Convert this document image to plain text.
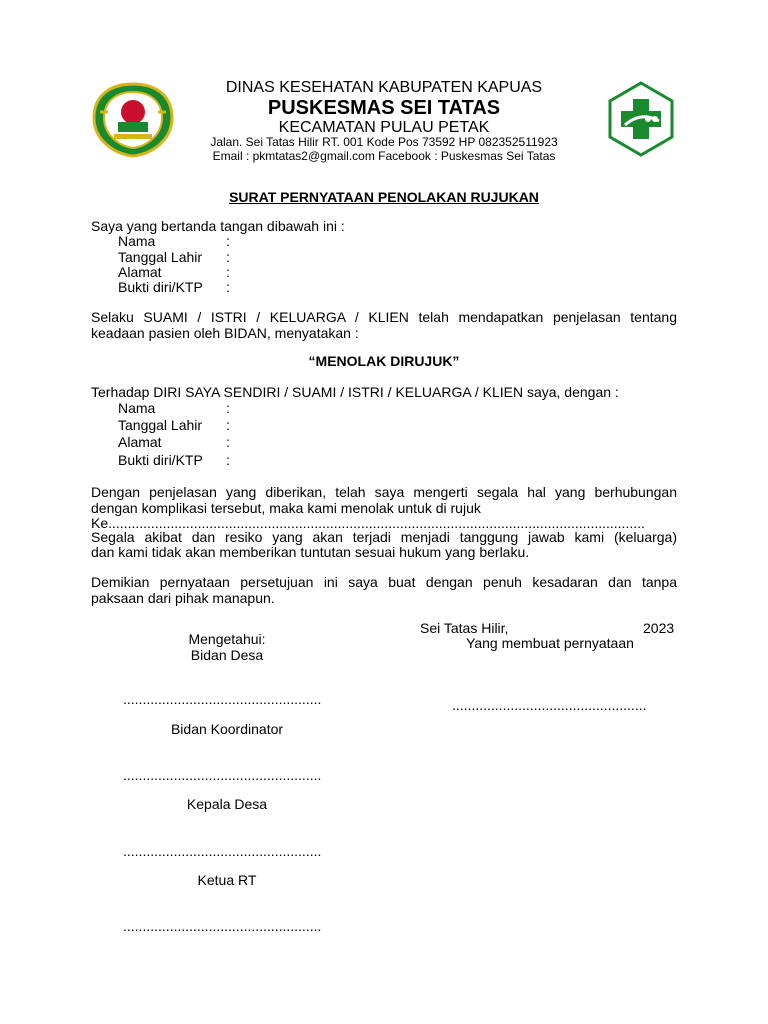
DINAS KESEHATAN KABUPATEN KAPUAS
PUSKESMAS SEI TATAS
KECAMATAN PULAU PETAK
Jalan. Sei Tatas Hilir RT. 001 Kode Pos 73592 HP 082352511923
Email : pkmtatas2@gmail.com Facebook : Puskesmas Sei Tatas
SURAT PERNYATAAN PENOLAKAN RUJUKAN
Saya yang bertanda tangan dibawah ini :
Nama	:
Tanggal Lahir :
Alamat	:
Bukti diri/KTP :
Selaku SUAMI / ISTRI / KELUARGA / KLIEN telah mendapatkan penjelasan tentang
keadaan pasien oleh BIDAN, menyatakan :
“MENOLAK DIRUJUK”
Terhadap DIRI SAYA SENDIRI / SUAMI / ISTRI / KELUARGA / KLIEN saya, dengan :
Nama	:
Tanggal Lahir :
Alamat	:
Bukti diri/KTP :
Dengan penjelasan yang diberikan, telah saya mengerti segala hal yang berhubungan
dengan komplikasi tersebut, maka kami menolak untuk di rujuk
Ke..........................................................................................................................................
Segala akibat dan resiko yang akan terjadi menjadi tanggung jawab kami (keluarga)
dan kami tidak akan memberikan tuntutan sesuai hukum yang berlaku.
Demikian pernyataan persetujuan ini saya buat dengan penuh kesadaran dan tanpa
paksaan dari pihak manapun.
Sei Tatas Hilir,	2023
Yang membuat pernyataan
Mengetahui:
Bidan Desa
...................................................	..................................................
Bidan Koordinator
...................................................
Kepala Desa
...................................................
Ketua RT
...................................................
